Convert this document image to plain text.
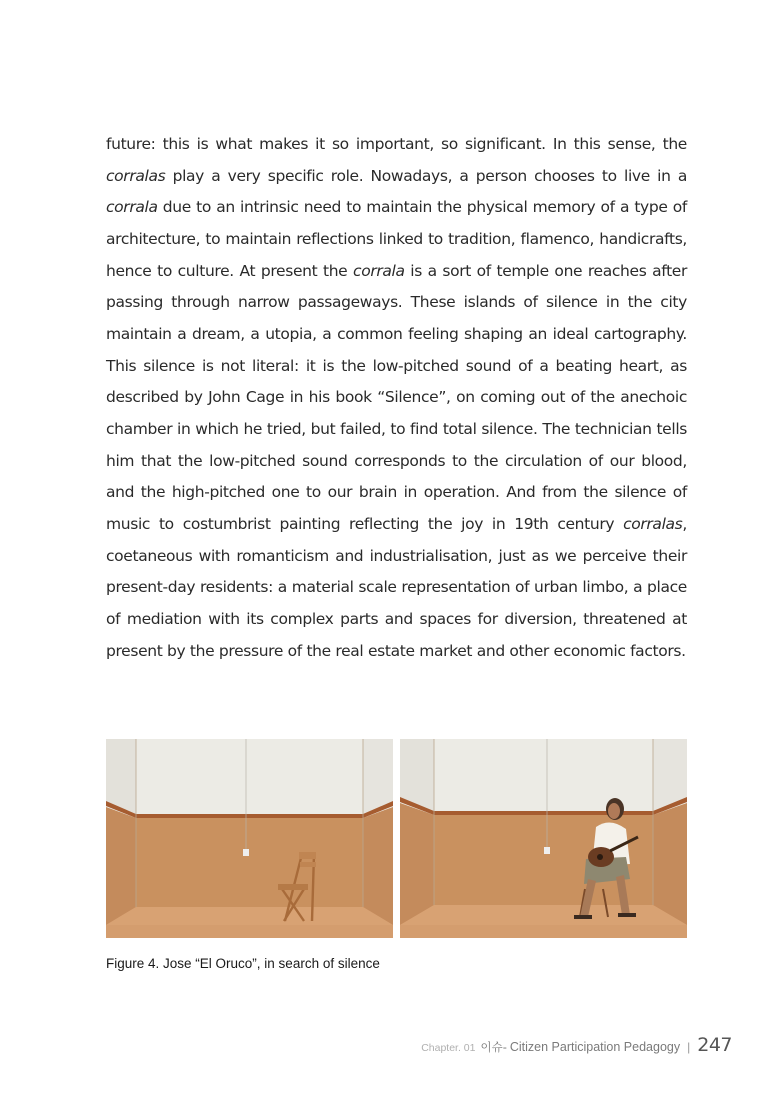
future: this is what makes it so important, so significant. In this sense, the corralas play a very specific role. Nowadays, a person chooses to live in a corrala due to an intrinsic need to maintain the physical memory of a type of architecture, to maintain reflections linked to tradition, flamenco, handicrafts, hence to culture. At present the corrala is a sort of temple one reaches after passing through narrow passageways. These islands of silence in the city maintain a dream, a utopia, a common feeling shaping an ideal cartography. This silence is not literal: it is the low-pitched sound of a beating heart, as described by John Cage in his book “Silence”, on coming out of the anechoic chamber in which he tried, but failed, to find total silence. The technician tells him that the low-pitched sound corresponds to the circulation of our blood, and the high-pitched one to our brain in operation. And from the silence of music to costumbrist painting reflecting the joy in 19th century corralas, coetaneous with romanticism and industrialisation, just as we perceive their present-day residents: a material scale representation of urban limbo, a place of mediation with its complex parts and spaces for diversion, threatened at present by the pressure of the real estate market and other economic factors.
Figure 4. Jose “El Oruco”, in search of silence
Chapter. 01 이슈- Citizen Participation Pedagogy | 247
